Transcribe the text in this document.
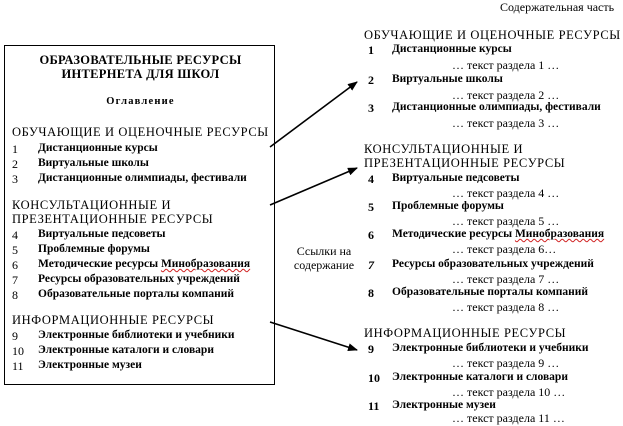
Содержательная часть
ОБРАЗОВАТЕЛЬНЫЕ РЕСУРСЫ
ИНТЕРНЕТА ДЛЯ ШКОЛ
Оглавление
ОБУЧАЮЩИЕ И ОЦЕНОЧНЫЕ РЕСУРСЫ
1 Дистанционные курсы
2 Виртуальные школы
3 Дистанционные олимпиады, фестивали
КОНСУЛЬТАЦИОННЫЕ И
ПРЕЗЕНТАЦИОННЫЕ РЕСУРСЫ
4 Виртуальные педсоветы
5 Проблемные форумы
6 Методические ресурсы Минобразования
7 Ресурсы образовательных учреждений
8 Образовательные порталы компаний
ИНФОРМАЦИОННЫЕ РЕСУРСЫ
9 Электронные библиотеки и учебники
10 Электронные каталоги и словари
11 Электронные музеи
Ссылки на
содержание
ОБУЧАЮЩИЕ И ОЦЕНОЧНЫЕ РЕСУРСЫ
1 Дистанционные курсы
… текст раздела 1 …
2 Виртуальные школы
… текст раздела 2 …
3 Дистанционные олимпиады, фестивали
… текст раздела 3 …
КОНСУЛЬТАЦИОННЫЕ И
ПРЕЗЕНТАЦИОННЫЕ РЕСУРСЫ
4 Виртуальные педсоветы
… текст раздела 4 …
5 Проблемные форумы
… текст раздела 5 …
6 Методические ресурсы Минобразования
… текст раздела 6…
7 Ресурсы образовательных учреждений
… текст раздела 7 …
8 Образовательные порталы компаний
… текст раздела 8 …
ИНФОРМАЦИОННЫЕ РЕСУРСЫ
9 Электронные библиотеки и учебники
… текст раздела 9 …
10 Электронные каталоги и словари
… текст раздела 10 …
11 Электронные музеи
… текст раздела 11 …
